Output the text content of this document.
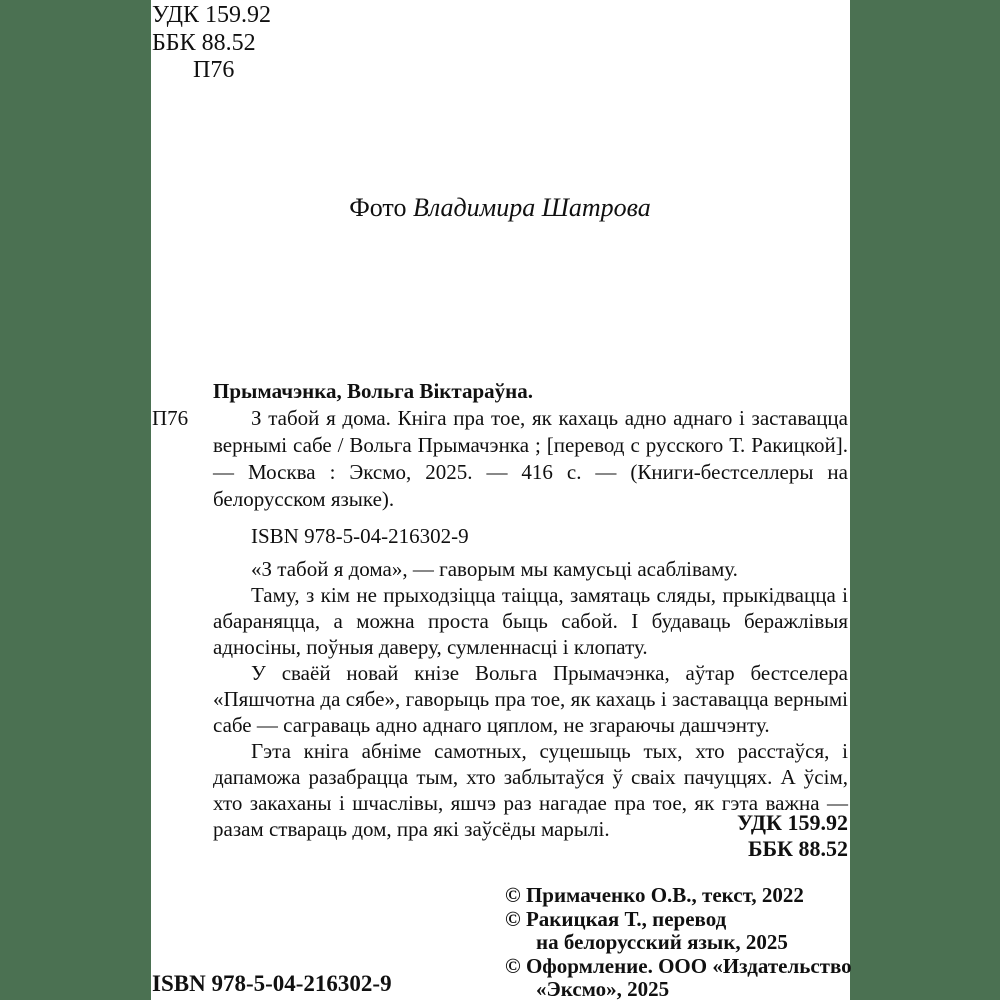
УДК 159.92
ББК 88.52
П76
Фото Владимира Шатрова
П76

Прымачэнка, Вольга Віктараўна.

З табой я дома. Кніга пра тое, як кахаць адно аднаго і заставацца вернымі сабе / Вольга Прымачэнка ; [перевод с русского Т. Ракицкой]. — Москва : Эксмо, 2025. — 416 с. — (Книги-бестселлеры на белорусском языке).

ISBN 978-5-04-216302-9

«З табой я дома», — гаворым мы камусьці асабліваму.

Таму, з кім не прыходзіцца таіцца, замятаць сляды, прыкідвацца і абараняцца, а можна проста быць сабой. І будаваць беражлівыя адносіны, поўныя даверу, сумленнасці і клопату.

У сваёй новай кнізе Вольга Прымачэнка, аўтар бестселера «Пяшчотна да сябе», гаворыць пра тое, як кахаць і заставацца вернымі сабе — саграваць адно аднаго цяплом, не згараючы дашчэнту.

Гэта кніга абніме самотных, суцешыць тых, хто расстаўся, і дапаможа разабрацца тым, хто заблытаўся ў сваіх пачуццях. А ўсім, хто закаханы і шчаслівы, яшчэ раз нагадае пра тое, як гэта важна — разам ствараць дом, пра які заўсёды марылі.	УДК 159.92
ББК 88.52
© Примаченко О.В., текст, 2022
© Ракицкая Т., перевод
на белорусский язык, 2025
© Оформление. ООО «Издательство
«Эксмо», 2025
ISBN 978-5-04-216302-9
